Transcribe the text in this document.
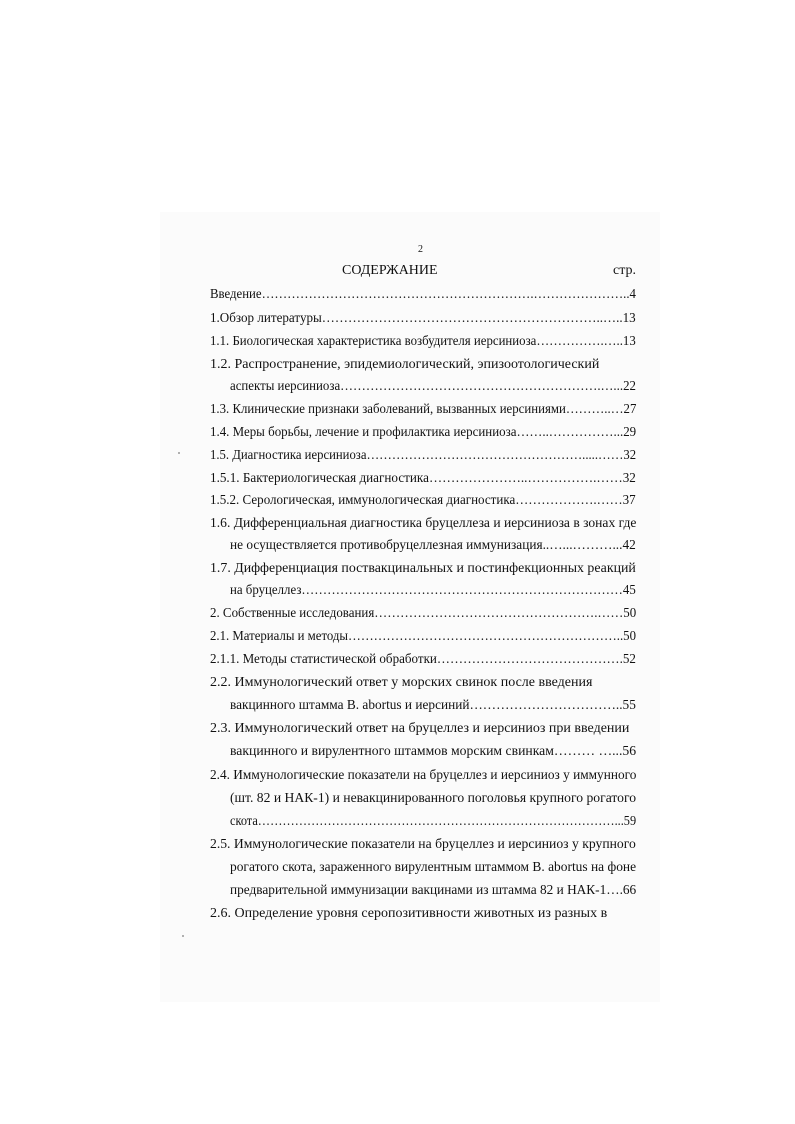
2
СОДЕРЖАНИЕ	стр.
Введение……………………………………………………….…………………..4
1.Обзор литературы………………………………………………………..…..13
1.1. Биологическая характеристика возбудителя иерсиниоза…………….…..13
1.2. Распространение, эпидемиологический, эпизоотологический
аспекты иерсиниоза…………………………………………………….…...22
1.3. Клинические признаки заболеваний, вызванных иерсиниями………..…27
1.4. Меры борьбы, лечение и профилактика иерсиниоза……..……………...29
1.5. Диагностика иерсиниоза…………………………………………….....……32
1.5.1. Бактериологическая диагностика…………………..…………….……32
1.5.2. Серологическая, иммунологическая диагностика……………….……37
1.6. Дифференциальная диагностика бруцеллеза и иерсиниоза в зонах где
не осуществляется противобруцеллезная иммунизация..…...………...42
1.7. Дифференциация поствакцинальных и постинфекционных реакций
на бруцеллез…………………………………………………………………45
2. Собственные исследования…………………………………………….……50
2.1. Материалы и методы………………………………………………………..50
2.1.1. Методы статистической обработки…………………………………….52
2.2. Иммунологический ответ у морских свинок после введения
вакцинного штамма B. abortus и иерсиний……………………………..55
2.3. Иммунологический ответ на бруцеллез и иерсиниоз при введении
вакцинного и вирулентного штаммов морским свинкам……… …...56
2.4. Иммунологические показатели на бруцеллез и иерсиниоз у иммунного
(шт. 82 и НАК-1) и невакцинированного поголовья крупного рогатого
скота……………………………………………………………………………...59
2.5. Иммунологические показатели на бруцеллез и иерсиниоз у крупного
рогатого скота, зараженного вирулентным штаммом B. abortus на фоне
предварительной иммунизации вакцинами из штамма 82 и НАК-1….66
2.6. Определение уровня серопозитивности животных из разных в
